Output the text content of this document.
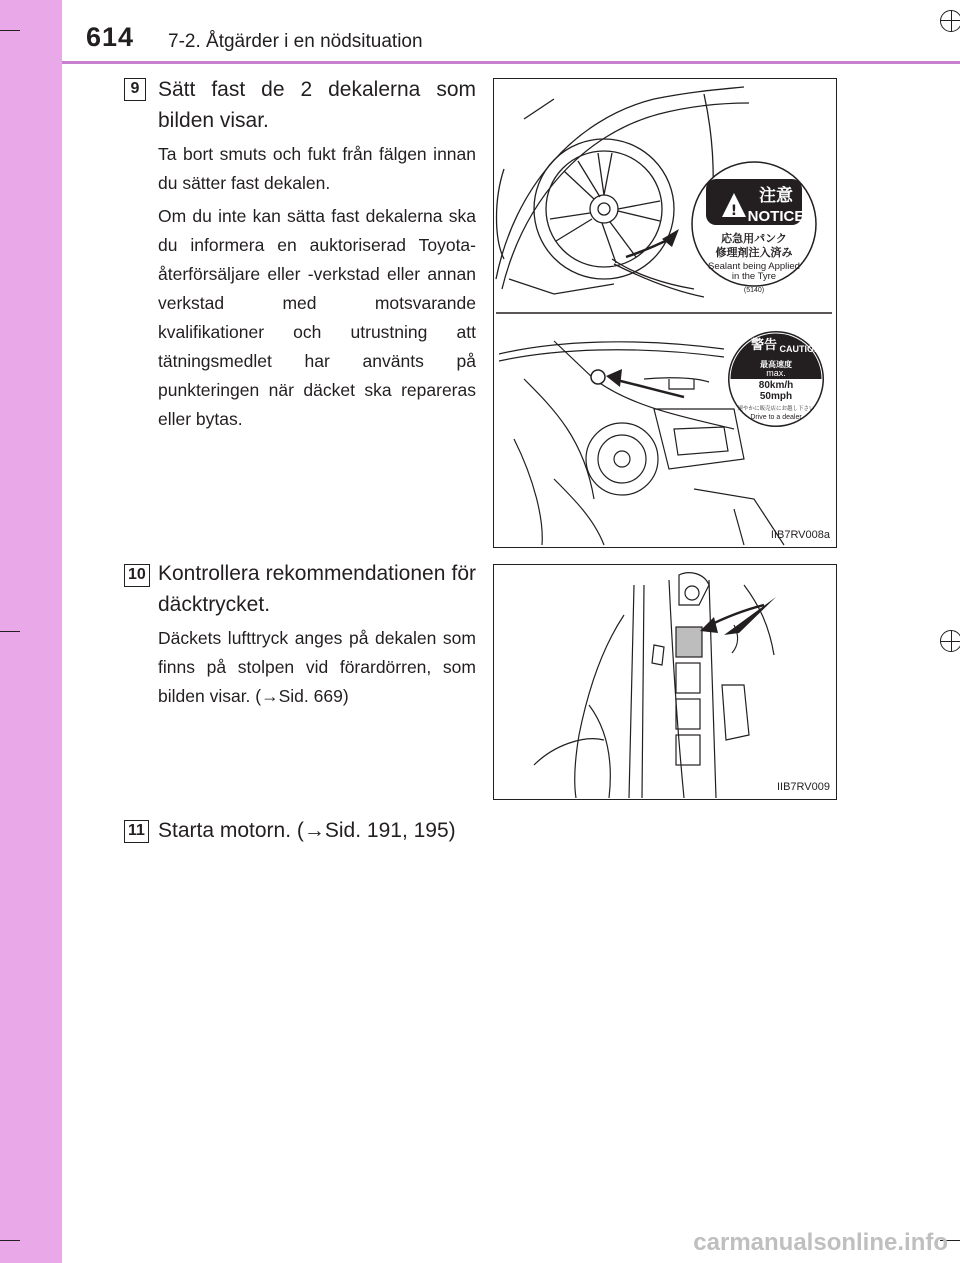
614 7-2. Åtgärder i en nödsituation
9 Sätt fast de 2 dekalerna som bilden visar.
Ta bort smuts och fukt från fälgen innan du sätter fast dekalen.
Om du inte kan sätta fast dekalerna ska du informera en auktoriserad Toyota-återförsäljare eller -verkstad eller annan verkstad med motsvarande kvalifikationer och utrustning att tätningsmedlet har använts på punkteringen när däcket ska repareras eller bytas.
!
注意
NOTICE
応急用パンク
修理剤注入済み
Sealant being Applied
in the Tyre
(5140)
警告 CAUTION
最高速度
max.
80km/h
50mph
速やかに販売店にお越し下さい
Drive to a dealer
IIB7RV008a
10 Kontrollera rekommendationen för däcktrycket.
Däckets lufttryck anges på dekalen som finns på stolpen vid förardörren, som bilden visar. (→Sid. 669)
IIB7RV009
11 Starta motorn. (→Sid. 191, 195)
carmanualsonline.info
